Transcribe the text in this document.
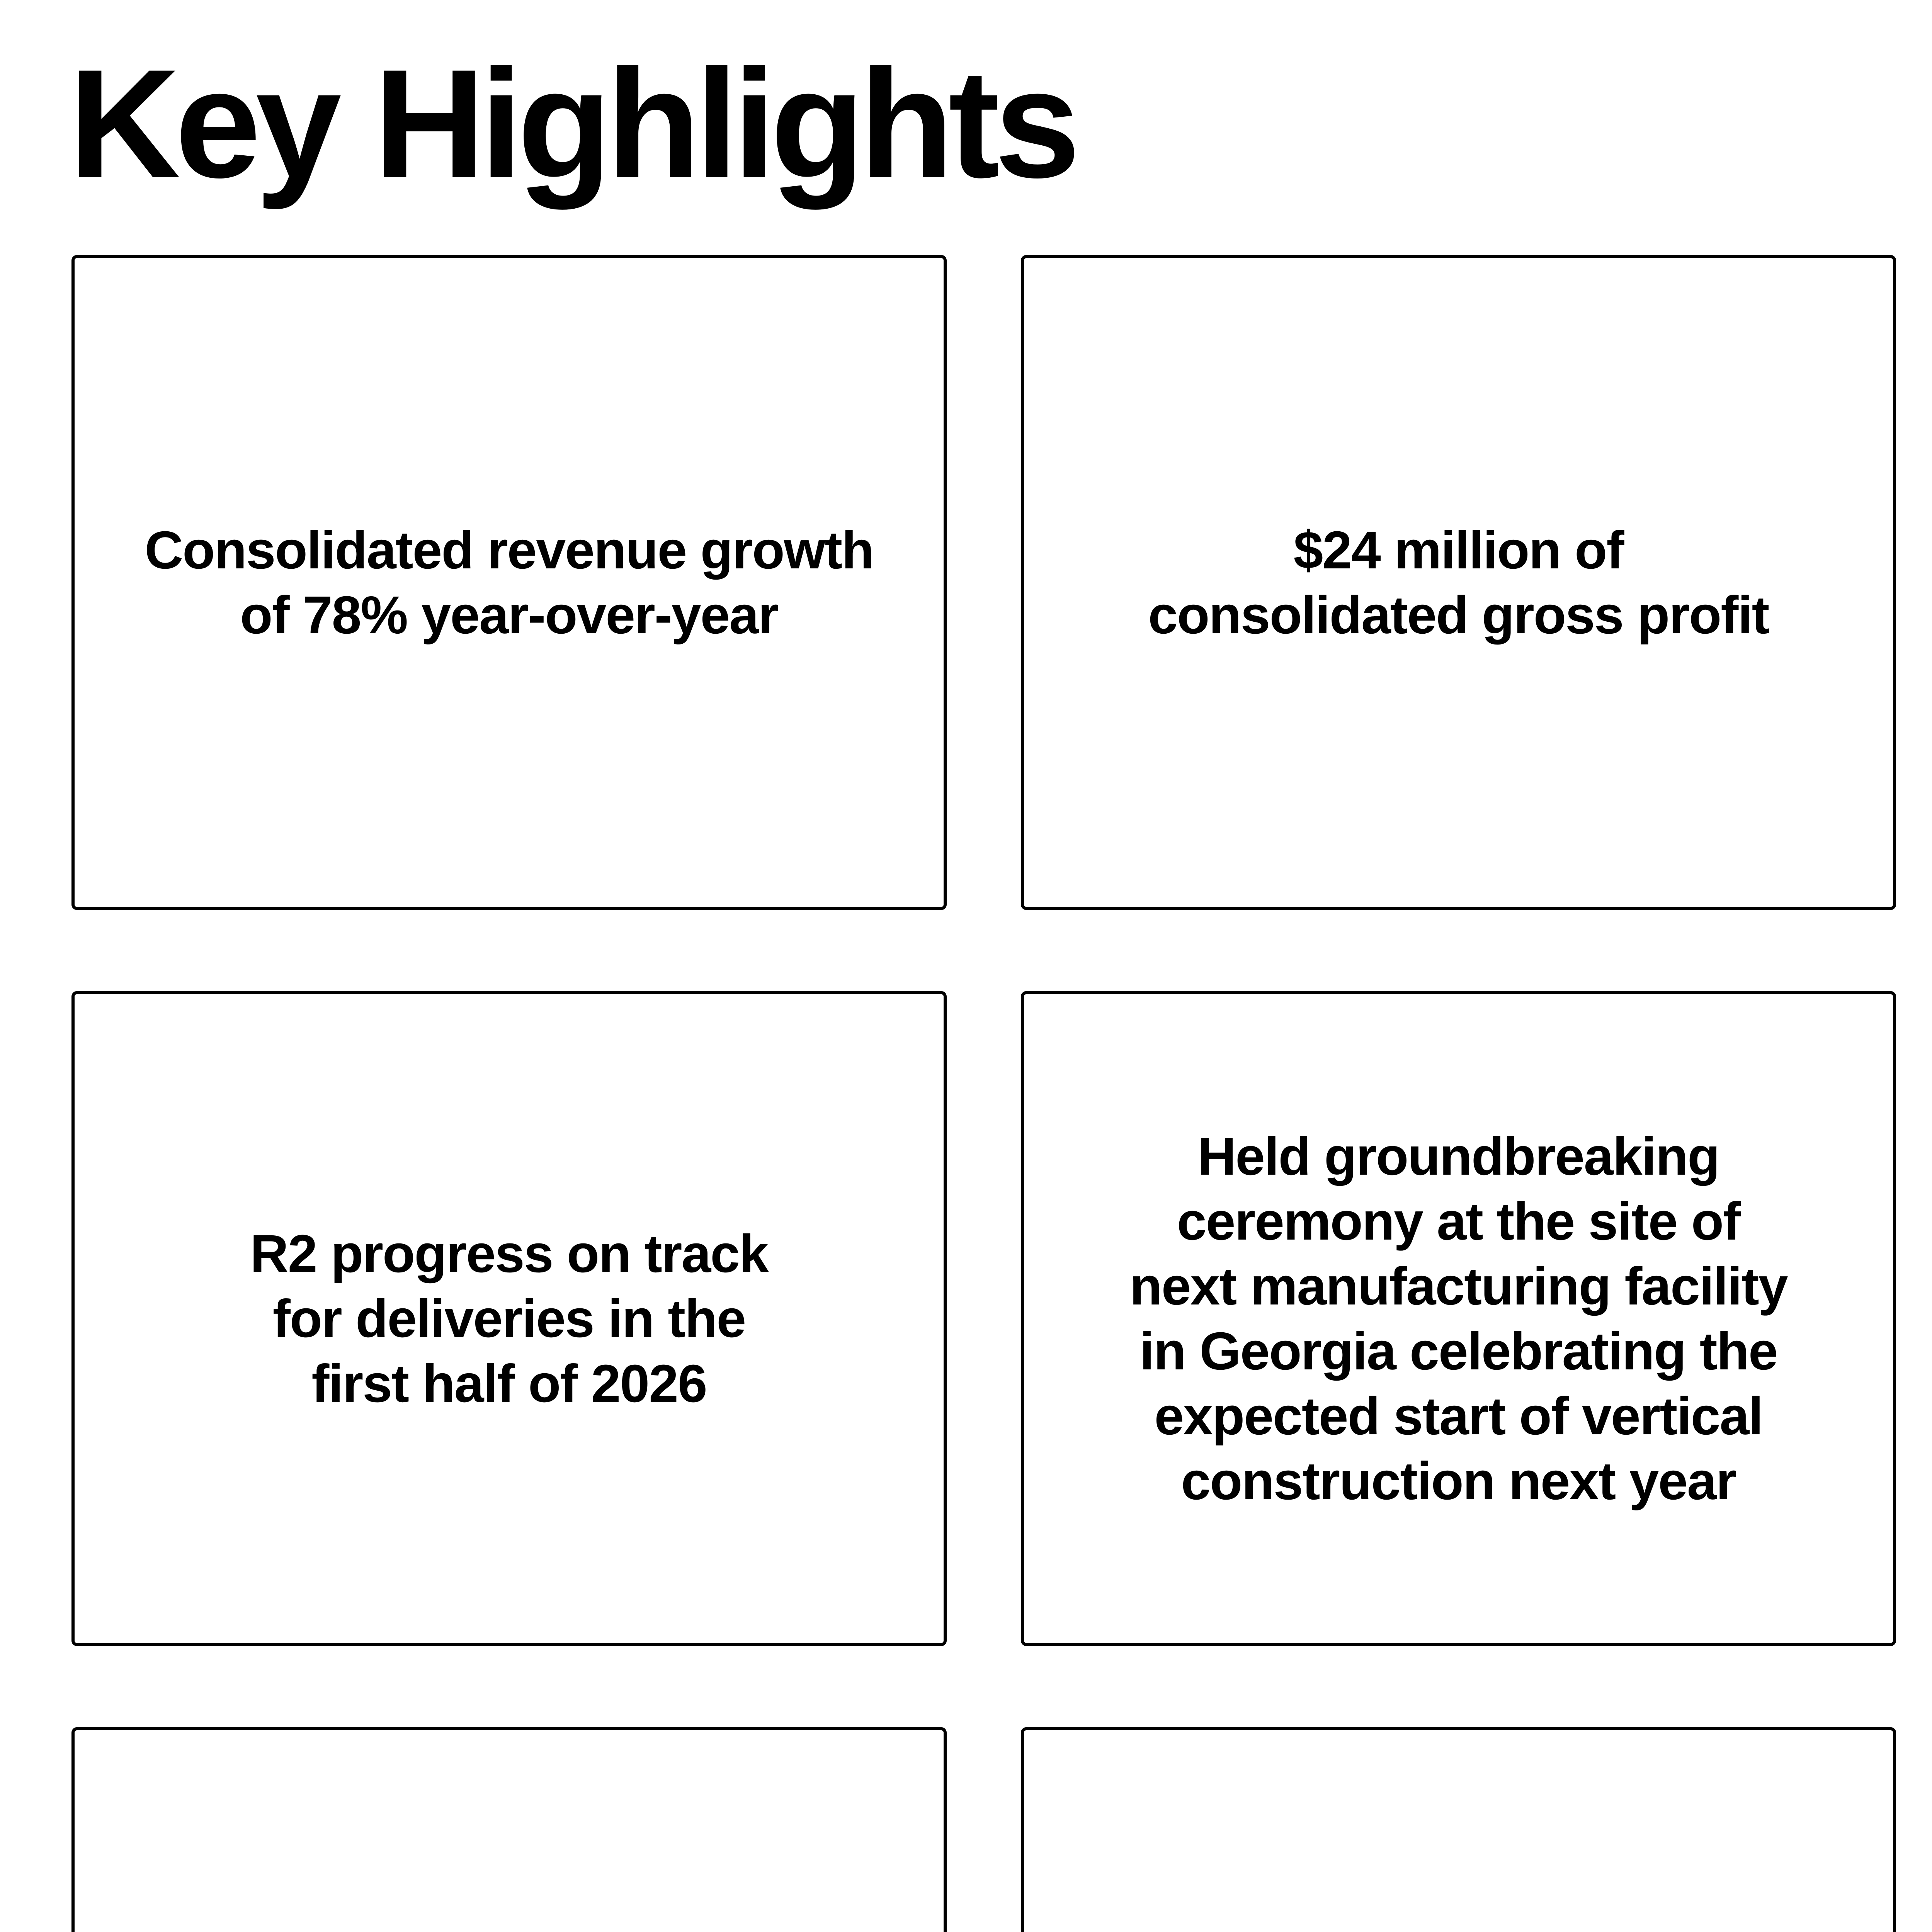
Key Highlights

Consolidated revenue growth
of 78% year-over-year

$24 million of
consolidated gross profit

R2 progress on track
for deliveries in the
first half of 2026

Held groundbreaking
ceremony at the site of
next manufacturing facility
in Georgia celebrating the
expected start of vertical
construction next year
